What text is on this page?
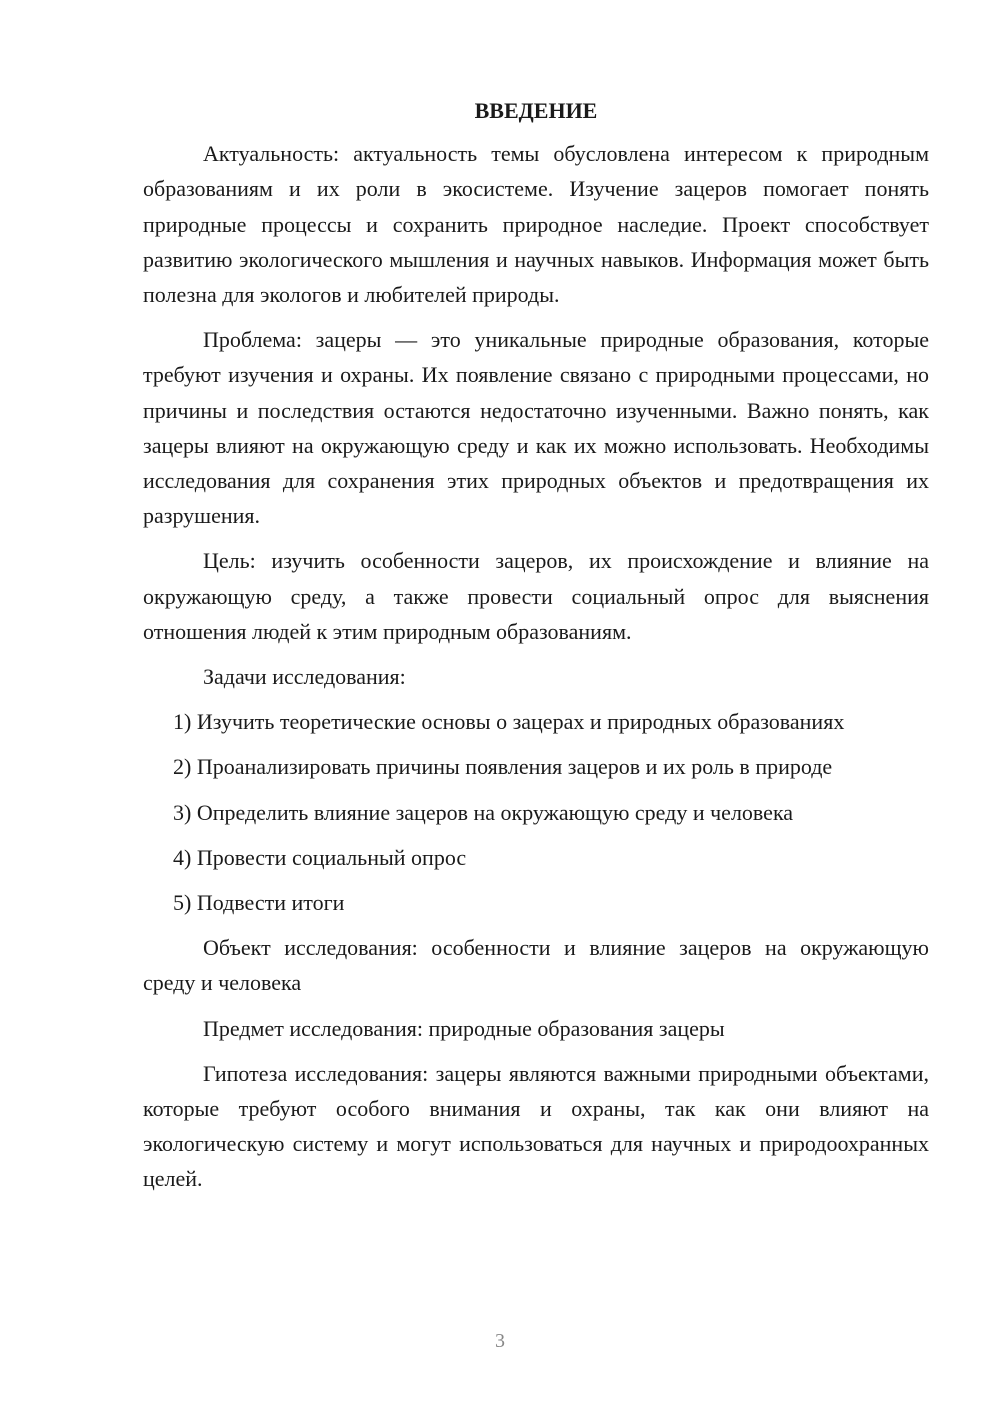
ВВЕДЕНИЕ

Актуальность: актуальность темы обусловлена интересом к природным образованиям и их роли в экосистеме. Изучение зацеров помогает понять природные процессы и сохранить природное наследие. Проект способствует развитию экологического мышления и научных навыков. Информация может быть полезна для экологов и любителей природы.

Проблема: зацеры — это уникальные природные образования, которые требуют изучения и охраны. Их появление связано с природными процессами, но причины и последствия остаются недостаточно изученными. Важно понять, как зацеры влияют на окружающую среду и как их можно использовать. Необходимы исследования для сохранения этих природных объектов и предотвращения их разрушения.

Цель: изучить особенности зацеров, их происхождение и влияние на окружающую среду, а также провести социальный опрос для выяснения отношения людей к этим природным образованиям.

Задачи исследования:

1) Изучить теоретические основы о зацерах и природных образованиях

2) Проанализировать причины появления зацеров и их роль в природе

3) Определить влияние зацеров на окружающую среду и человека

4) Провести социальный опрос

5) Подвести итоги

Объект исследования: особенности и влияние зацеров на окружающую среду и человека

Предмет исследования: природные образования зацеры

Гипотеза исследования: зацеры являются важными природными объектами, которые требуют особого внимания и охраны, так как они влияют на экологическую систему и могут использоваться для научных и природоохранных целей.

3
